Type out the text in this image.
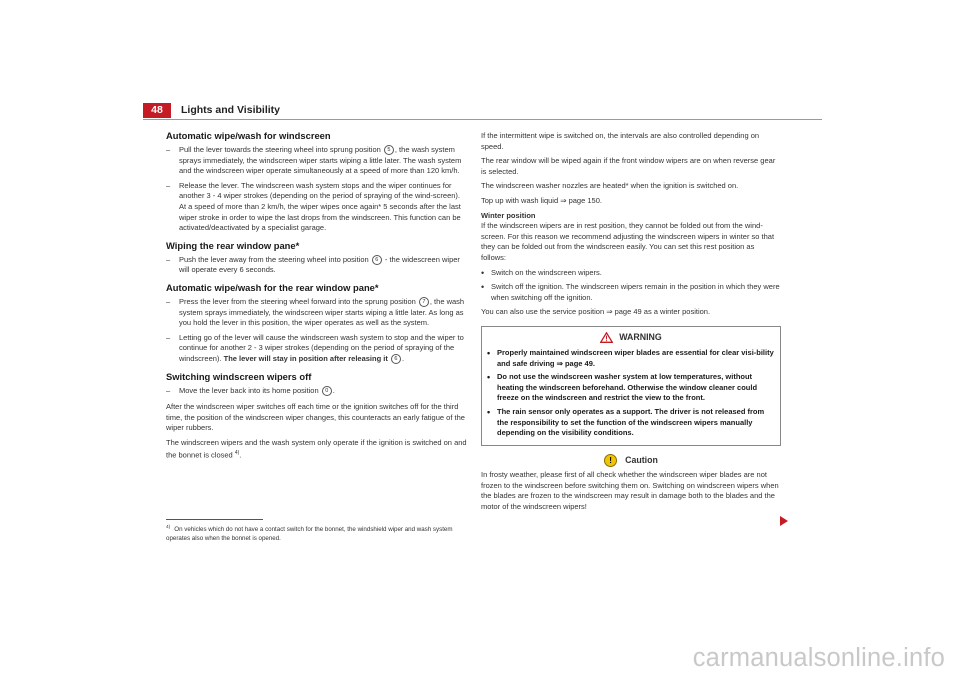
48	Lights and Visibility
Automatic wipe/wash for windscreen
– Pull the lever towards the steering wheel into sprung position 5 , the wash system sprays immediately, the windscreen wiper starts wiping a little later. The wash system and the windscreen wiper operate simultaneously at a speed of more than 120 km/h.
– Release the lever. The windscreen wash system stops and the wiper continues for another 3 - 4 wiper strokes (depending on the period of spraying of the wind-screen). At a speed of more than 2 km/h, the wiper wipes once again* 5 seconds after the last wiper stroke in order to wipe the last drops from the windscreen. This function can be activated/deactivated by a specialist garage.
Wiping the rear window pane*
– Push the lever away from the steering wheel into position 6 - the widescreen wiper will operate every 6 seconds.
Automatic wipe/wash for the rear window pane*
– Press the lever from the steering wheel forward into the sprung position 7 , the wash system sprays immediately, the windscreen wiper starts wiping a little later. As long as you hold the lever in this position, the wiper operates as well as the system.
– Letting go of the lever will cause the windscreen wash system to stop and the wiper to continue for another 2 - 3 wiper strokes (depending on the period of spraying of the windscreen). The lever will stay in position after releasing it 6 .
Switching windscreen wipers off
– Move the lever back into its home position 0 .

After the windscreen wiper switches off each time or the ignition switches off for the third time, the position of the windscreen wiper changes, this counteracts an early fatigue of the wiper rubbers.

The windscreen wipers and the wash system only operate if the ignition is switched on and the bonnet is closed $^{4)}$.

$^{4)}$ On vehicles which do not have a contact switch for the bonnet, the windshield wiper and wash system operates also when the bonnet is opened.

If the intermittent wipe is switched on, the intervals are also controlled depending on speed.

The rear window will be wiped again if the front window wipers are on when reverse gear is selected.

The windscreen washer nozzles are heated* when the ignition is switched on.

Top up with wash liquid ⇒ page 150.

Winter position

If the windscreen wipers are in rest position, they cannot be folded out from the wind-screen. For this reason we recommend adjusting the windscreen wipers in winter so that they can be folded out from the windscreen easily. You can set this rest position as follows:

• Switch on the windscreen wipers.
• Switch off the ignition. The windscreen wipers remain in the position in which they were when switching off the ignition.

You can also use the service position ⇒ page 49 as a winter position.

WARNING
• Properly maintained windscreen wiper blades are essential for clear visi-bility and safe driving ⇒ page 49.
• Do not use the windscreen washer system at low temperatures, without heating the windscreen beforehand. Otherwise the window cleaner could freeze on the windscreen and restrict the view to the front.
• The rain sensor only operates as a support. The driver is not released from the responsibility to set the function of the windscreen wipers manually depending on the visibility conditions.
! Caution

In frosty weather, please first of all check whether the windscreen wiper blades are not frozen to the windscreen before switching them on. Switching on windscreen wipers when the blades are frozen to the windscreen may result in damage both to the blades and the motor of the windscreen wipers!

carmanualsonline.info
